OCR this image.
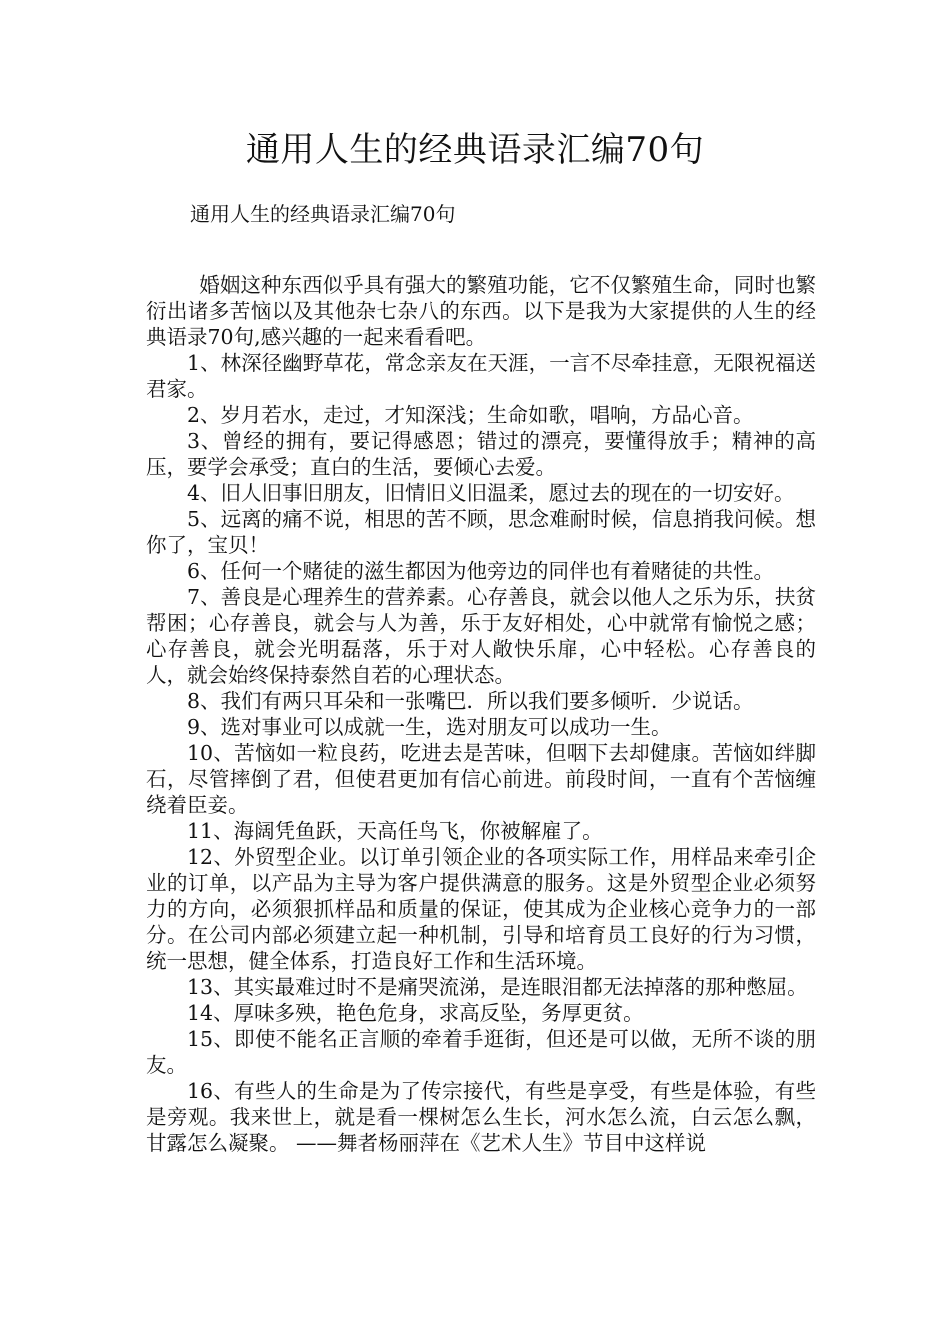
通用人生的经典语录汇编70句
通用人生的经典语录汇编70句

婚姻这种东西似乎具有强大的繁殖功能，它不仅繁殖生命，同时也繁衍出诸多苦恼以及其他杂七杂八的东西。以下是我为大家提供的人生的经典语录70句,感兴趣的一起来看看吧。

1、林深径幽野草花，常念亲友在天涯，一言不尽牵挂意，无限祝福送君家。

2、岁月若水，走过，才知深浅；生命如歌，唱响，方品心音。

3、曾经的拥有，要记得感恩；错过的漂亮，要懂得放手；精神的高压，要学会承受；直白的生活，要倾心去爱。

4、旧人旧事旧朋友，旧情旧义旧温柔，愿过去的现在的一切安好。

5、远离的痛不说，相思的苦不顾，思念难耐时候，信息捎我问候。想你了，宝贝！

6、任何一个赌徒的滋生都因为他旁边的同伴也有着赌徒的共性。

7、善良是心理养生的营养素。心存善良，就会以他人之乐为乐，扶贫帮困；心存善良，就会与人为善，乐于友好相处，心中就常有愉悦之感；心存善良，就会光明磊落，乐于对人敞快乐扉，心中轻松。心存善良的人，就会始终保持泰然自若的心理状态。

8、我们有两只耳朵和一张嘴巴．所以我们要多倾听．少说话。

9、选对事业可以成就一生，选对朋友可以成功一生。

10、苦恼如一粒良药，吃进去是苦味，但咽下去却健康。苦恼如绊脚石，尽管摔倒了君，但使君更加有信心前进。前段时间，一直有个苦恼缠绕着臣妾。

11、海阔凭鱼跃，天高任鸟飞，你被解雇了。

12、外贸型企业。以订单引领企业的各项实际工作，用样品来牵引企业的订单，以产品为主导为客户提供满意的服务。这是外贸型企业必须努力的方向，必须狠抓样品和质量的保证，使其成为企业核心竞争力的一部分。在公司内部必须建立起一种机制，引导和培育员工良好的行为习惯，统一思想，健全体系，打造良好工作和生活环境。

13、其实最难过时不是痛哭流涕，是连眼泪都无法掉落的那种憋屈。

14、厚味多殃，艳色危身，求高反坠，务厚更贫。

15、即使不能名正言顺的牵着手逛街，但还是可以做，无所不谈的朋友。

16、有些人的生命是为了传宗接代，有些是享受，有些是体验，有些是旁观。我来世上，就是看一棵树怎么生长，河水怎么流，白云怎么飘，甘露怎么凝聚。 ——舞者杨丽萍在《艺术人生》节目中这样说
